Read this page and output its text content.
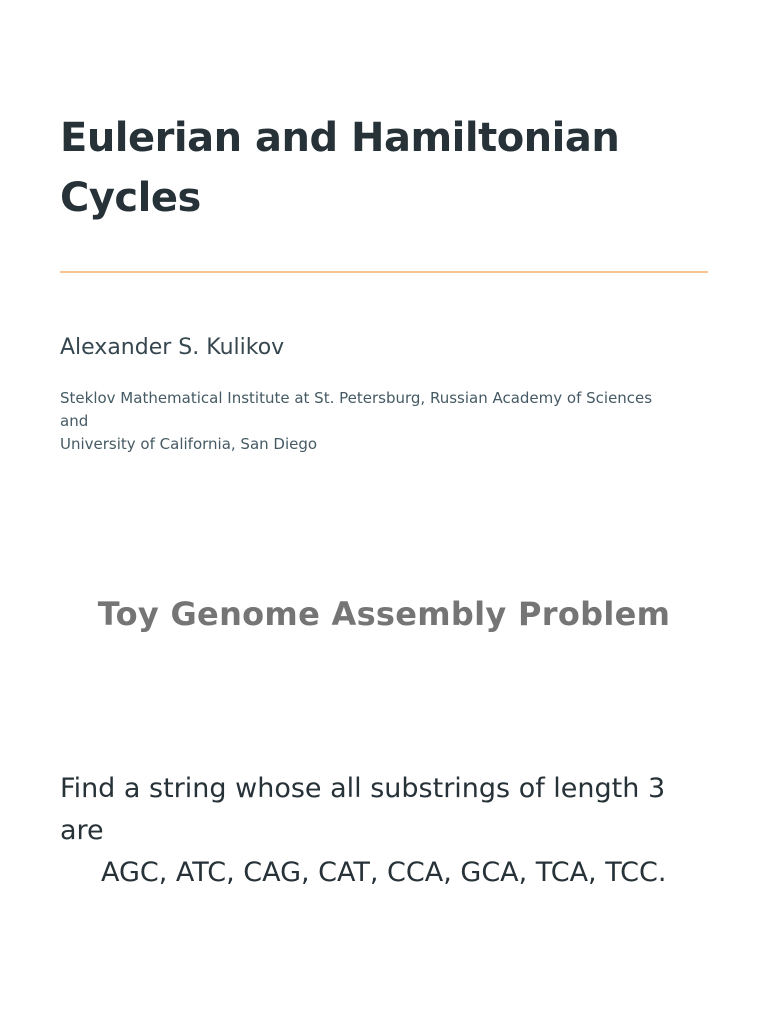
Eulerian and Hamiltonian Cycles

Alexander S. Kulikov

Steklov Mathematical Institute at St. Petersburg, Russian Academy of Sciences
and
University of California, San Diego

Toy Genome Assembly Problem

Find a string whose all substrings of length 3 are

AGC, ATC, CAG, CAT, CCA, GCA, TCA, TCC.
